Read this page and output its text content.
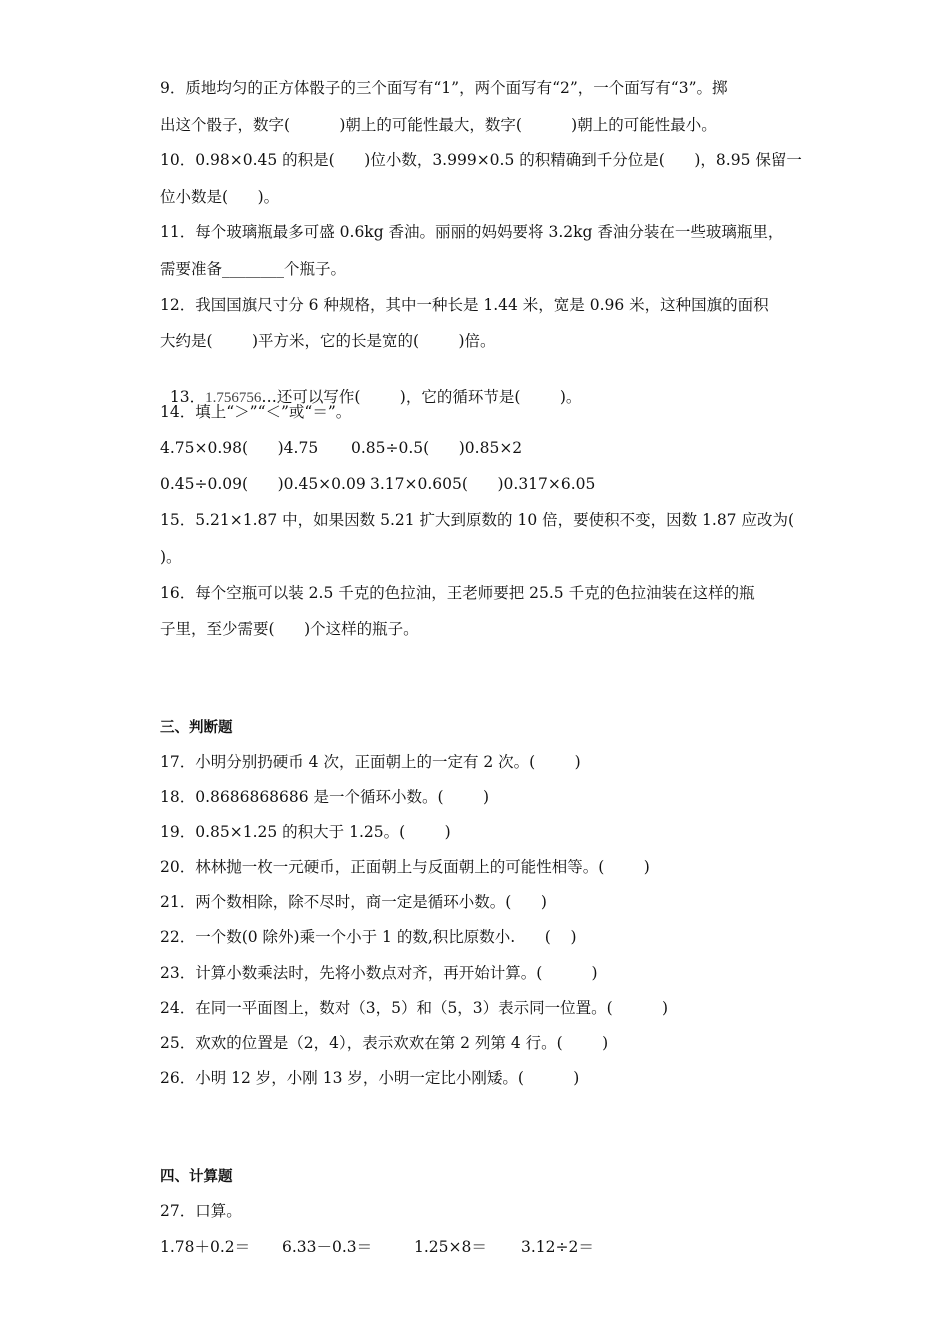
9．质地均匀的正方体骰子的三个面写有“1”，两个面写有“2”，一个面写有“3”。掷
出这个骰子，数字(          )朝上的可能性最大，数字(          )朝上的可能性最小。
10．0.98×0.45 的积是(      )位小数，3.999×0.5 的积精确到千分位是(      )，8.95 保留一
位小数是(      )。
11．每个玻璃瓶最多可盛 0.6kg 香油。丽丽的妈妈要将 3.2kg 香油分装在一些玻璃瓶里，
需要准备________个瓶子。
12．我国国旗尺寸分 6 种规格，其中一种长是 1.44 米，宽是 0.96 米，这种国旗的面积
大约是(        )平方米，它的长是宽的(        )倍。

13．1.756756…还可以写作(        )，它的循环节是(        )。

14．填上“＞”“＜”或“＝”。
4.75×0.98(      )4.75 0.85÷0.5(      )0.85×2
0.45÷0.09(      )0.45×0.09 3.17×0.605(      )0.317×6.05
15．5.21×1.87 中，如果因数 5.21 扩大到原数的 10 倍，要使积不变，因数 1.87 应改为(
)。
16．每个空瓶可以装 2.5 千克的色拉油，王老师要把 25.5 千克的色拉油装在这样的瓶
子里，至少需要(      )个这样的瓶子。
三、判断题
17．小明分别扔硬币 4 次，正面朝上的一定有 2 次。(        )
18．0.8686868686 是一个循环小数。(        )
19．0.85×1.25 的积大于 1.25。(        )
20．林林抛一枚一元硬币，正面朝上与反面朝上的可能性相等。(        )
21．两个数相除，除不尽时，商一定是循环小数。(      )
22．一个数(0 除外)乘一个小于 1 的数,积比原数小.      (    )
23．计算小数乘法时，先将小数点对齐，再开始计算。(          )
24．在同一平面图上，数对（3，5）和（5，3）表示同一位置。(          )
25．欢欢的位置是（2，4），表示欢欢在第 2 列第 4 行。(        )
26．小明 12 岁，小刚 13 岁，小明一定比小刚矮。(          )
四、计算题
27．口算。
1.78＋0.2＝ 6.33－0.3＝	1.25×8＝ 3.12÷2＝
